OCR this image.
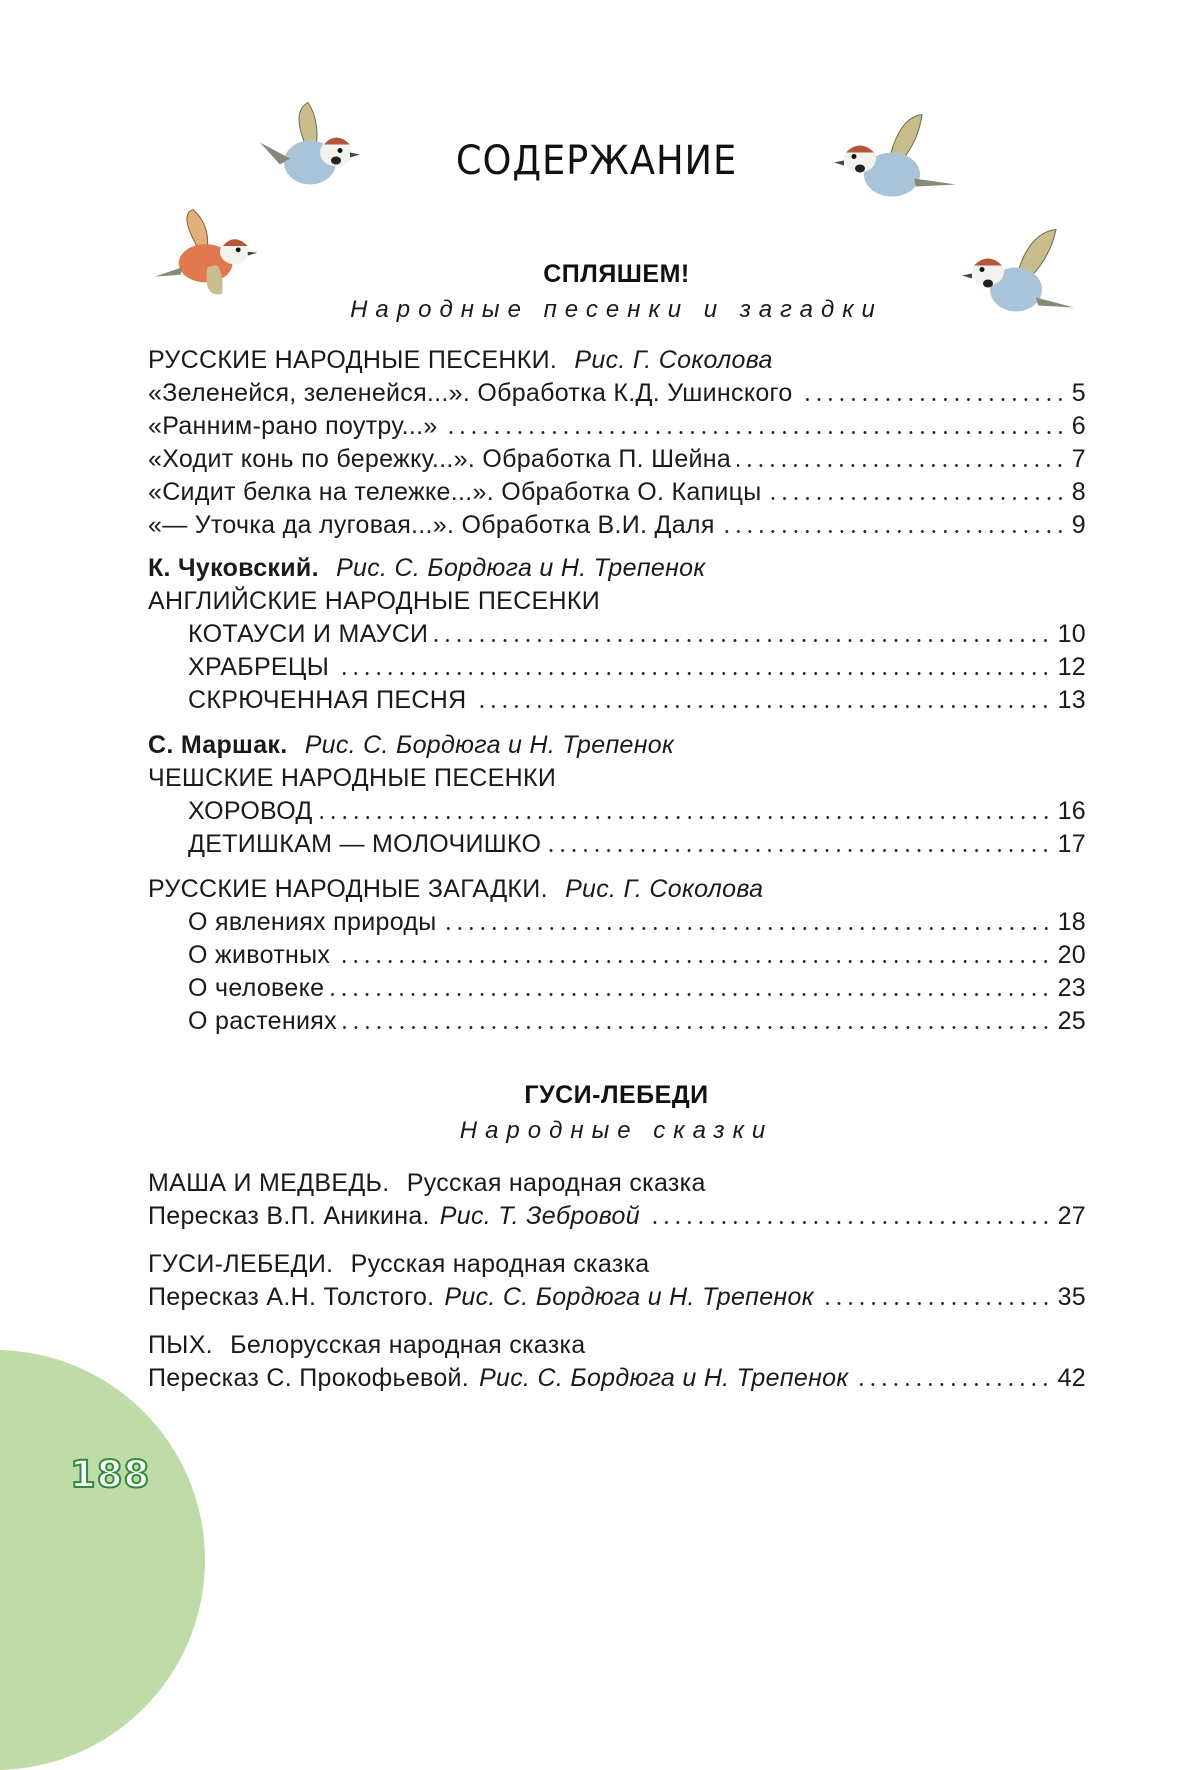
188
СОДЕРЖАНИЕ
СПЛЯШЕМ!
Народные песенки и загадки
РУССКИЕ НАРОДНЫЕ ПЕСЕНКИ. Рис. Г. Соколова
«Зеленейся, зеленейся...». Обработка К.Д. Ушинского	5
«Ранним-рано поутру...»	6
«Ходит конь по бережку...». Обработка П. Шейна	7
«Сидит белка на тележке...». Обработка О. Капицы	8
«— Уточка да луговая...». Обработка В.И. Даля	9
К. Чуковский. Рис. С. Бордюга и Н. Трепенок
АНГЛИЙСКИЕ НАРОДНЫЕ ПЕСЕНКИ
КОТАУСИ И МАУСИ	10
ХРАБРЕЦЫ	12
СКРЮЧЕННАЯ ПЕСНЯ	13
С. Маршак. Рис. С. Бордюга и Н. Трепенок
ЧЕШСКИЕ НАРОДНЫЕ ПЕСЕНКИ
ХОРОВОД	16
ДЕТИШКАМ — МОЛОЧИШКО	17
РУССКИЕ НАРОДНЫЕ ЗАГАДКИ. Рис. Г. Соколова
О явлениях природы	18
О животных	20
О человеке	23
О растениях	25
ГУСИ-ЛЕБЕДИ
Народные сказки
МАША И МЕДВЕДЬ. Русская народная сказка
Пересказ В.П. Аникина. Рис. Т. Зебровой	27
ГУСИ-ЛЕБЕДИ. Русская народная сказка
Пересказ А.Н. Толстого. Рис. С. Бордюга и Н. Трепенок	35
ПЫХ. Белорусская народная сказка
Пересказ С. Прокофьевой. Рис. С. Бордюга и Н. Трепенок	42
